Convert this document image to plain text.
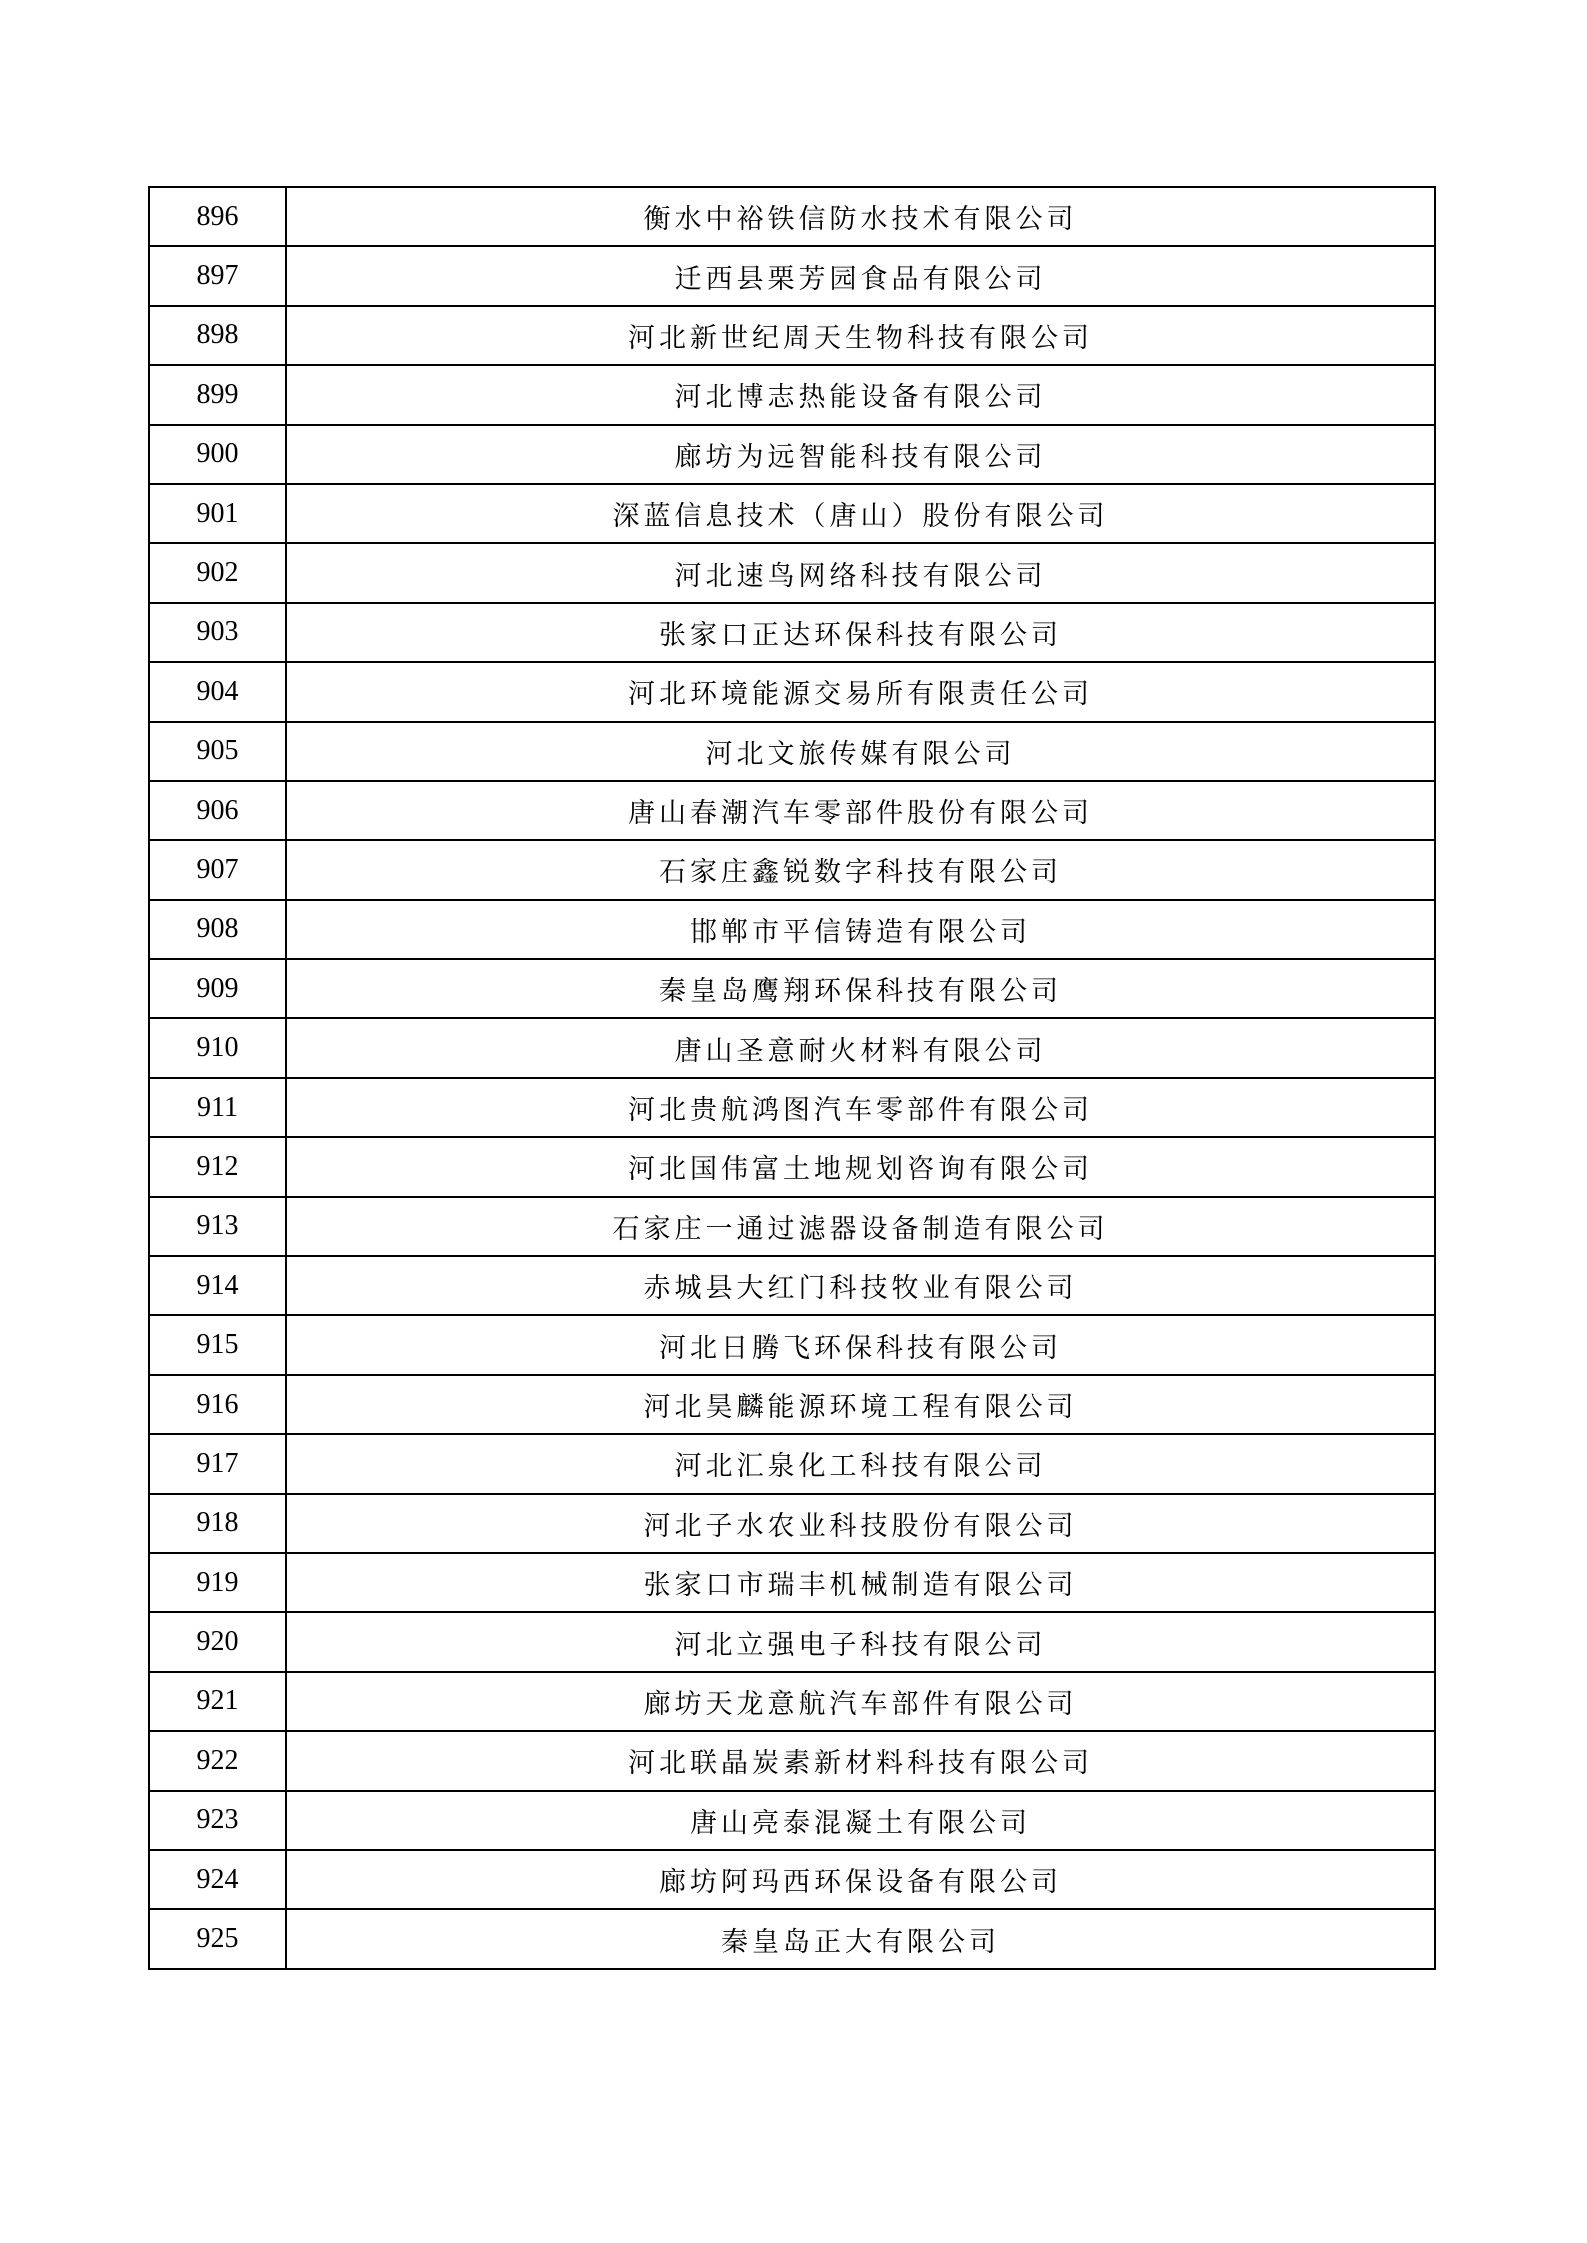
896	衡水中裕铁信防水技术有限公司
897	迁西县栗芳园食品有限公司
898	河北新世纪周天生物科技有限公司
899	河北博志热能设备有限公司
900	廊坊为远智能科技有限公司
901	深蓝信息技术（唐山）股份有限公司
902	河北速鸟网络科技有限公司
903	张家口正达环保科技有限公司
904	河北环境能源交易所有限责任公司
905	河北文旅传媒有限公司
906	唐山春潮汽车零部件股份有限公司
907	石家庄鑫锐数字科技有限公司
908	邯郸市平信铸造有限公司
909	秦皇岛鹰翔环保科技有限公司
910	唐山圣意耐火材料有限公司
911	河北贵航鸿图汽车零部件有限公司
912	河北国伟富土地规划咨询有限公司
913	石家庄一通过滤器设备制造有限公司
914	赤城县大红门科技牧业有限公司
915	河北日腾飞环保科技有限公司
916	河北昊麟能源环境工程有限公司
917	河北汇泉化工科技有限公司
918	河北子水农业科技股份有限公司
919	张家口市瑞丰机械制造有限公司
920	河北立强电子科技有限公司
921	廊坊天龙意航汽车部件有限公司
922	河北联晶炭素新材料科技有限公司
923	唐山亮泰混凝土有限公司
924	廊坊阿玛西环保设备有限公司
925	秦皇岛正大有限公司
